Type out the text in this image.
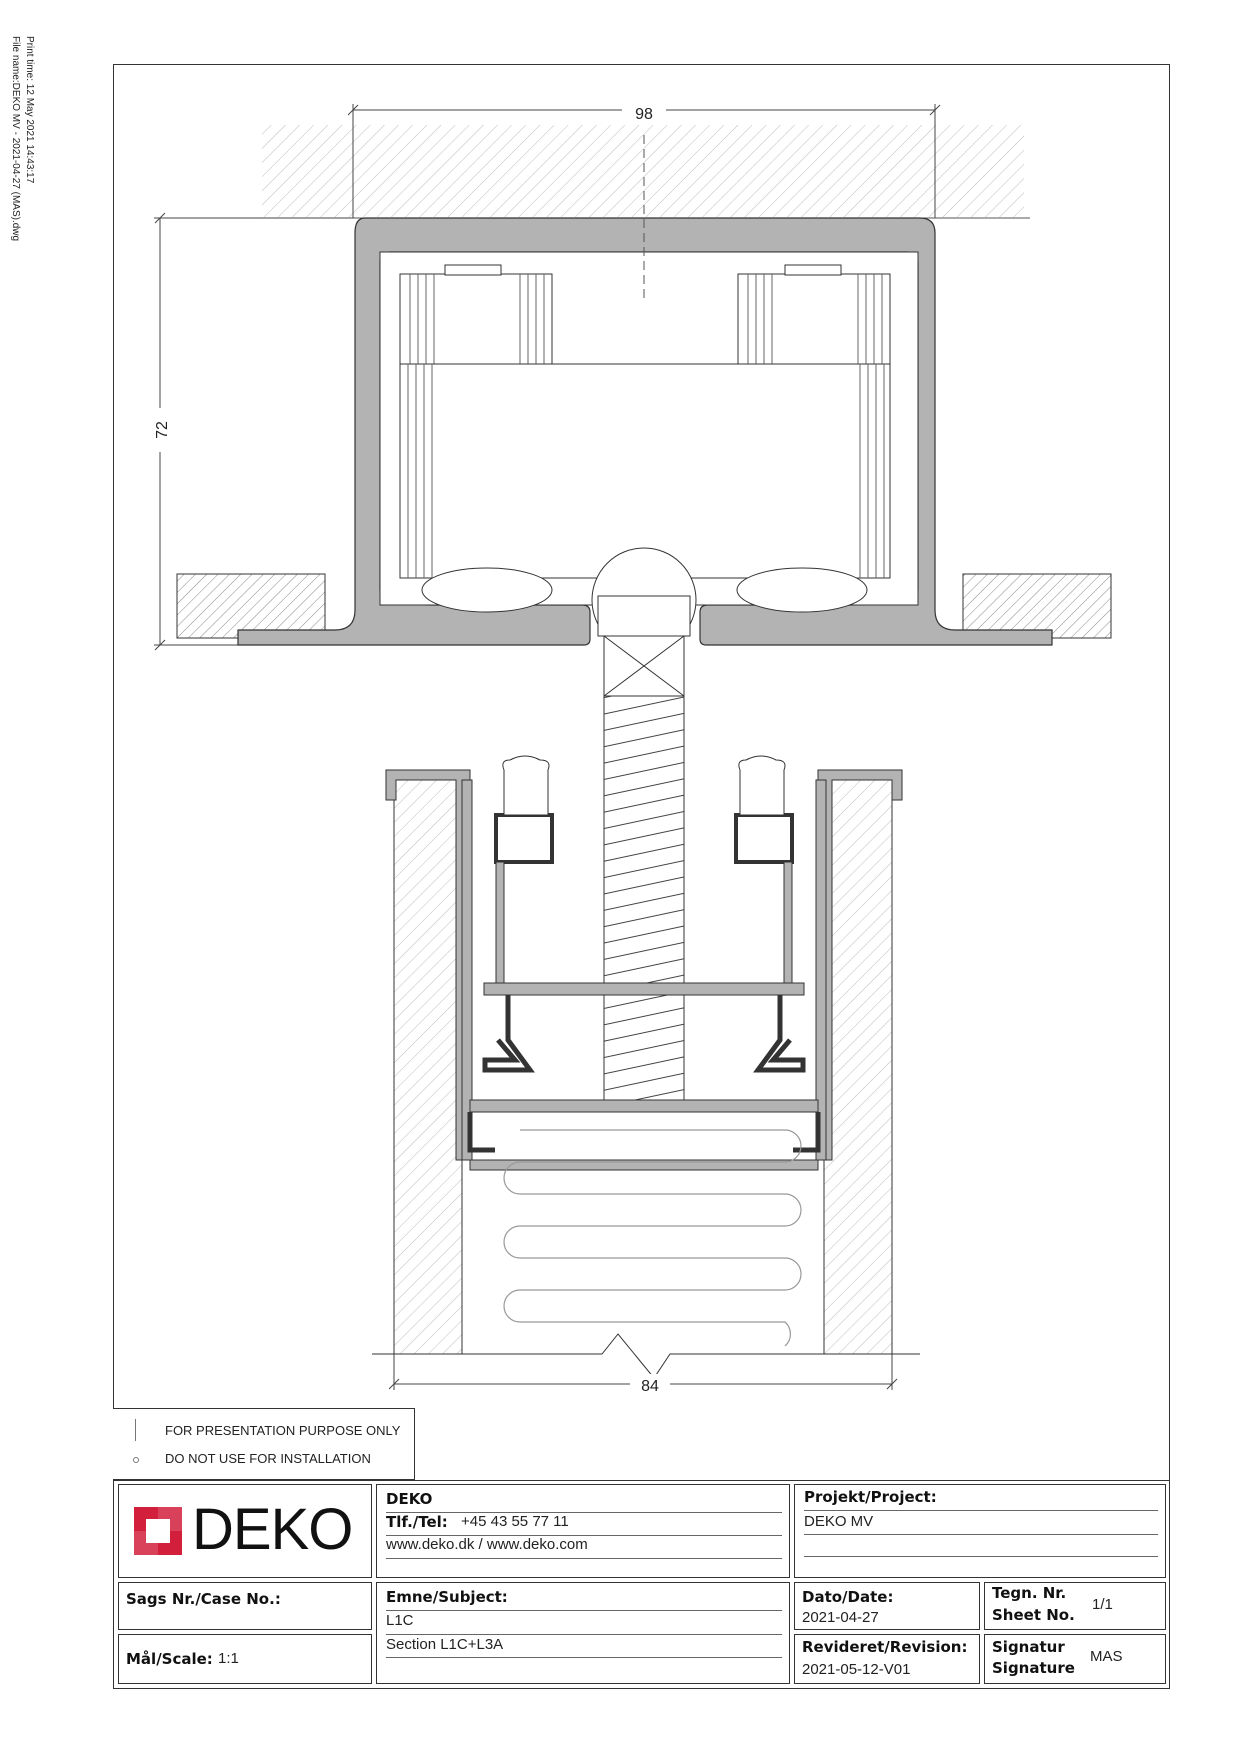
Print time: 12 May 2021 14:43:17
File name:DEKO MV - 2021-04-27 (MAS).dwg	98
72
84
FOR PRESENTATION PURPOSE ONLY
DO NOT USE FOR INSTALLATION
DEKO DEKO
Tlf./Tel: +45 43 55 77 11
www.deko.dk / www.deko.com
Projekt/Project:
DEKO MV
Sags Nr./Case No.:	Emne/Subject:
L1C
Section L1C+L3A
Dato/Date:
2021-04-27
Tegn. Nr.
Sheet No.
1/1
Mål/Scale: 1:1
Revideret/Revision:
2021-05-12-V01
Signatur
Signature
MAS
